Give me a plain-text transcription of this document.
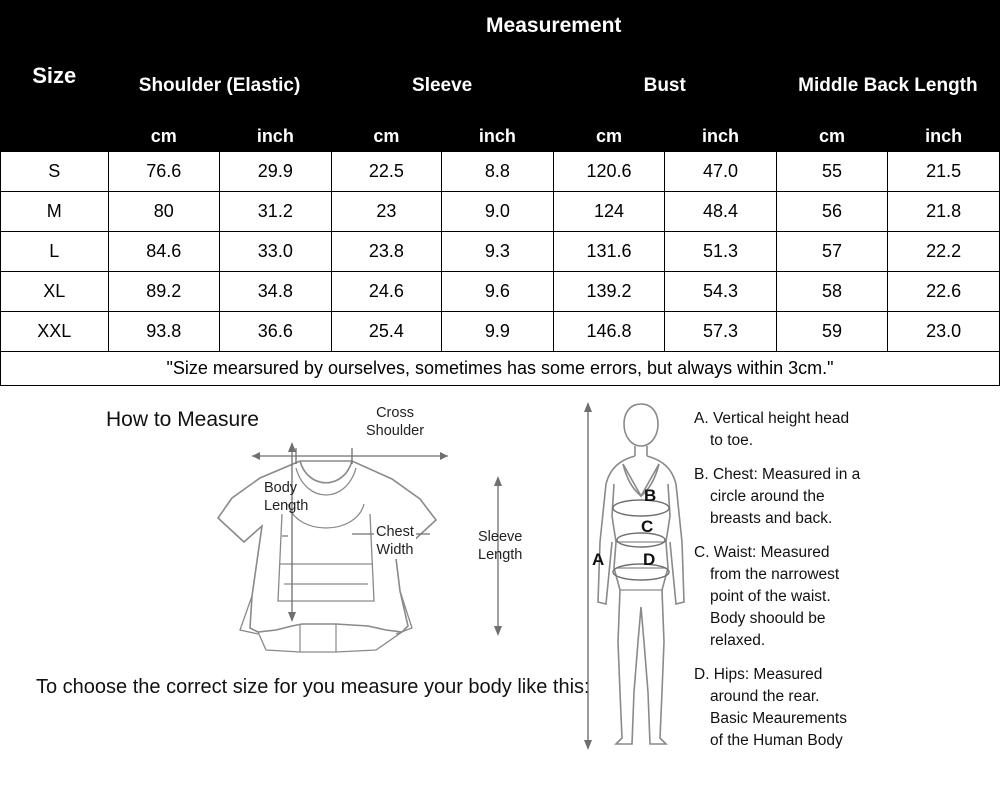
Size	Measurement							
	Shoulder (Elastic)		Sleeve		Bust		Middle Back Length	
	cm	inch	cm	inch	cm	inch	cm	inch
S	76.6	29.9	22.5	8.8	120.6	47.0	55	21.5
M	80	31.2	23	9.0	124	48.4	56	21.8
L	84.6	33.0	23.8	9.3	131.6	51.3	57	22.2
XL	89.2	34.8	24.6	9.6	139.2	54.3	58	22.6
XXL	93.8	36.6	25.4	9.9	146.8	57.3	59	23.0
"Size mearsured by ourselves, sometimes has some errors, but always within 3cm."								
How to Measure
To choose the correct size for you measure your body like this:
Cross
Shoulder
Body
Length
Chest
Width
Sleeve
Length
B
C
D
A

A. Vertical height head
to toe.

B. Chest: Measured in a
circle around the
breasts and back.

C. Waist: Measured
from the narrowest
point of the waist.
Body shoould be
relaxed.

D. Hips: Measured
around the rear.
Basic Meaurements
of the Human Body
